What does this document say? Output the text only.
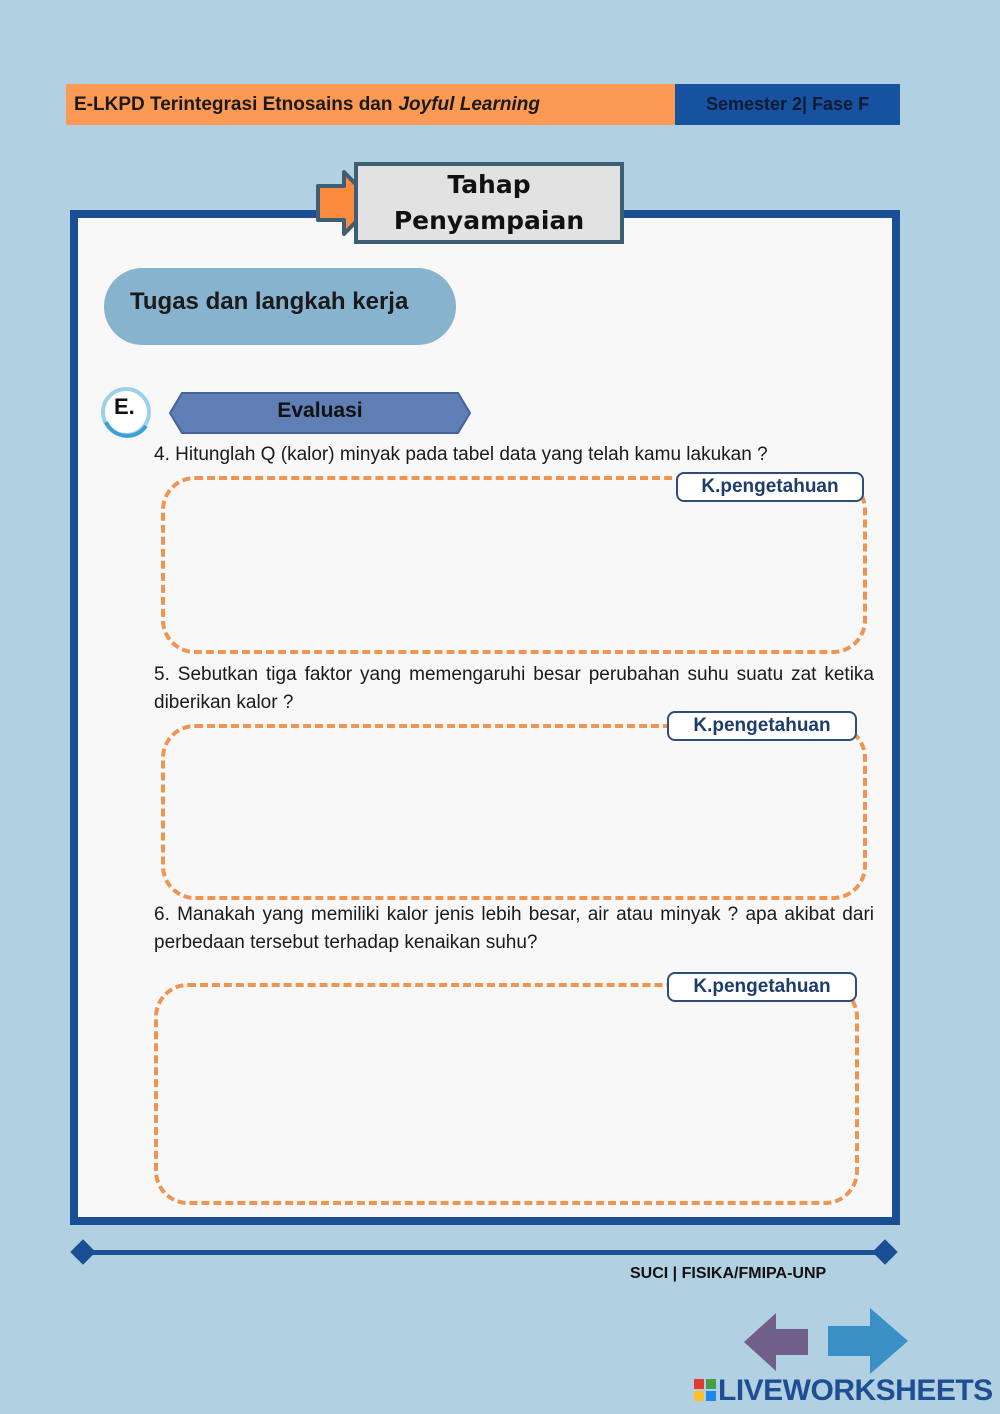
E-LKPD Terintegrasi Etnosains dan Joyful Learning	Semester 2| Fase F
Tahap
Penyampaian
Tugas dan langkah kerja
E.	Evaluasi
4. Hitunglah Q (kalor) minyak pada tabel data yang telah kamu lakukan ?
K.pengetahuan
5. Sebutkan tiga faktor yang memengaruhi besar perubahan suhu suatu zat ketika diberikan kalor ?
K.pengetahuan
6. Manakah yang memiliki kalor jenis lebih besar, air atau minyak ? apa akibat dari perbedaan tersebut terhadap kenaikan suhu?
K.pengetahuan
SUCI | FISIKA/FMIPA-UNP
LIVEWORKSHEETS
